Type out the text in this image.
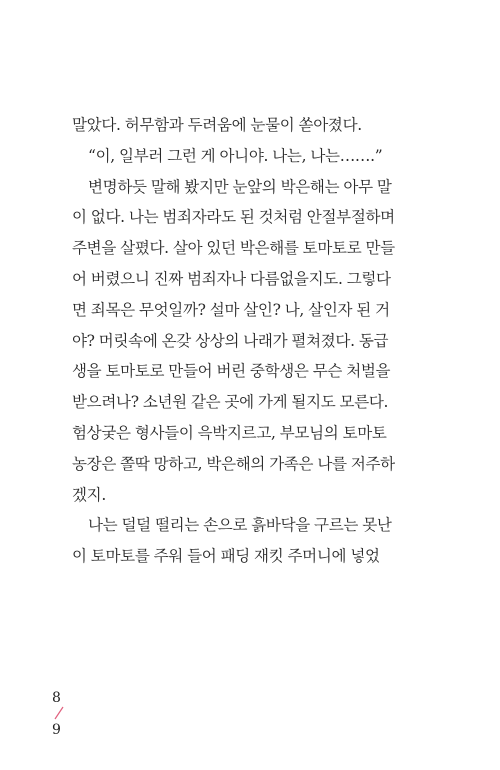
말았다. 허무함과 두려움에 눈물이 쏟아졌다.
“이, 일부러 그런 게 아니야. 나는, 나는…….”
변명하듯 말해 봤지만 눈앞의 박은해는 아무 말
이 없다. 나는 범죄자라도 된 것처럼 안절부절하며
주변을 살폈다. 살아 있던 박은해를 토마토로 만들
어 버렸으니 진짜 범죄자나 다름없을지도. 그렇다
면 죄목은 무엇일까? 설마 살인? 나, 살인자 된 거
야? 머릿속에 온갖 상상의 나래가 펼쳐졌다. 동급
생을 토마토로 만들어 버린 중학생은 무슨 처벌을
받으려나? 소년원 같은 곳에 가게 될지도 모른다.
험상궂은 형사들이 윽박지르고, 부모님의 토마토
농장은 쫄딱 망하고, 박은해의 가족은 나를 저주하
겠지.
나는 덜덜 떨리는 손으로 흙바닥을 구르는 못난
이 토마토를 주워 들어 패딩 재킷 주머니에 넣었
8
9
